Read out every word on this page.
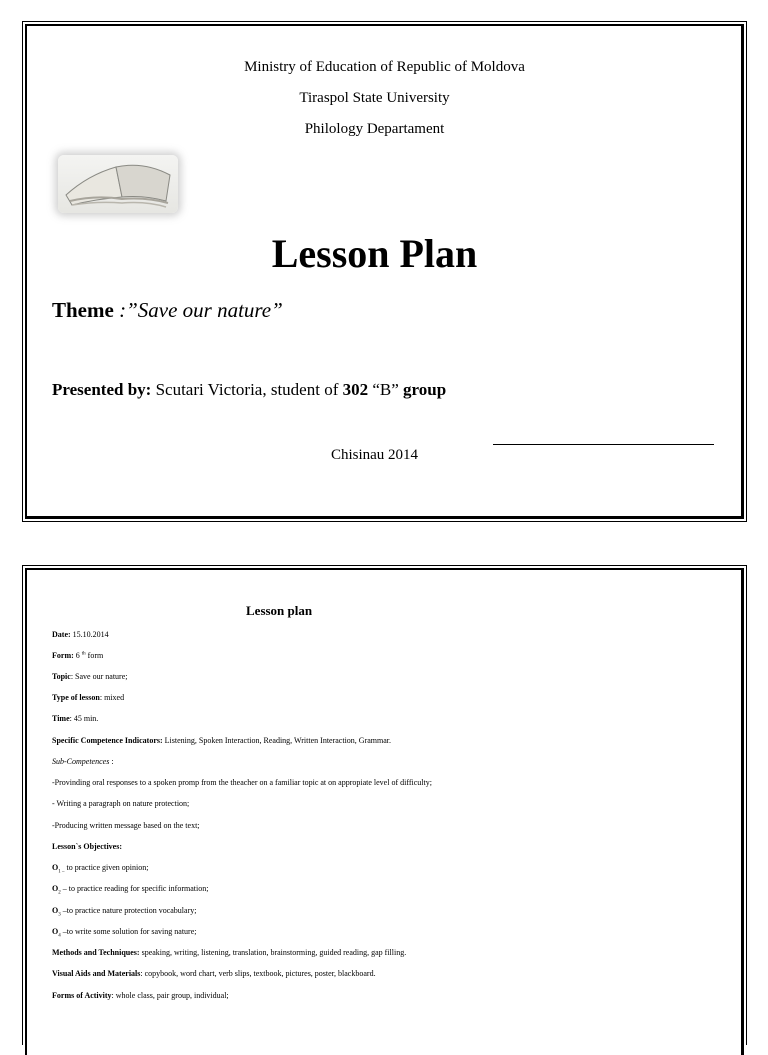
Ministry of Education of Republic of Moldova
Tiraspol State University
Philology Departament
Lesson Plan
Theme :”Save our nature”
Presented by: Scutari Victoria, student of 302 “B” group
Chisinau 2014
Lesson plan
Date: 15.10.2014
Form: 6 $^{th}$ form
Topic: Save our nature;
Type of lesson: mixed
Time: 45 min.
Specific Competence Indicators: Listening, Spoken Interaction, Reading, Written Interaction, Grammar.
Sub-Competences :
-Provinding oral responses to a spoken promp from the theacher on a familiar topic at on appropiate level of difficulty;
- Writing a paragraph on nature protection;
-Producing written message based on the text;
Lesson`s Objectives:
$O_{1 -}$ to practice given opinion;
$O_2$ – to practice reading for specific information;
$O_3$ –to practice nature protection vocabulary;
$O_4$ –to write some solution for saving nature;
Methods and Techniques: speaking, writing, listening, translation, brainstorming, guided reading, gap filling.
Visual Aids and Materials: copybook, word chart, verb slips, textbook, pictures, poster, blackboard.
Forms of Activity: whole class, pair group, individual;
